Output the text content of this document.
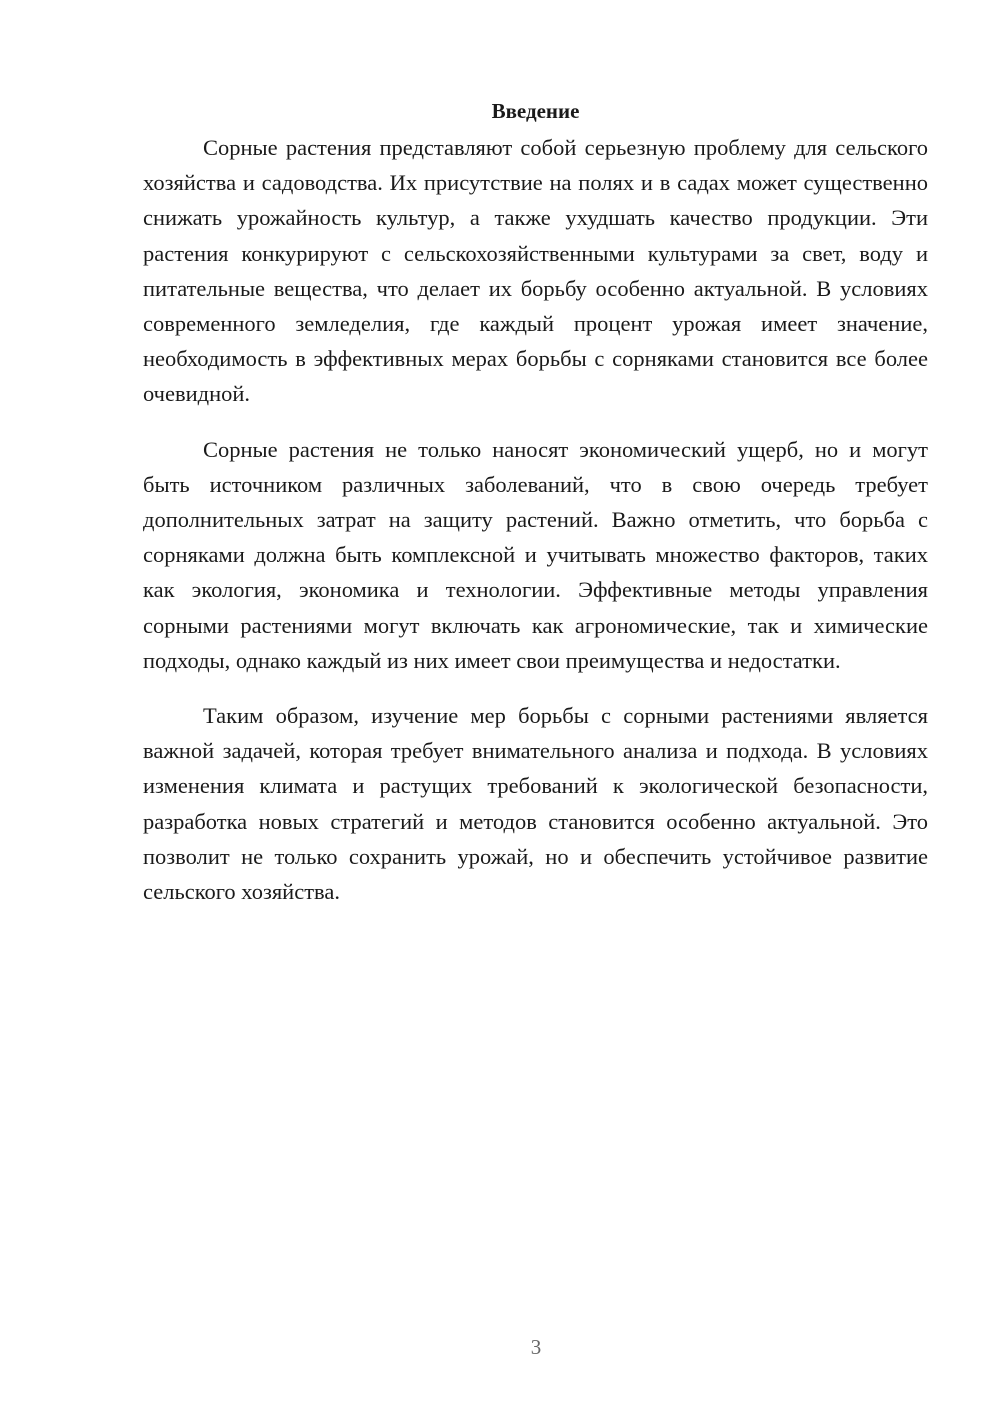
Введение

Сорные растения представляют собой серьезную проблему для сельского хозяйства и садоводства. Их присутствие на полях и в садах может существенно снижать урожайность культур, а также ухудшать качество продукции. Эти растения конкурируют с сельскохозяйственными культурами за свет, воду и питательные вещества, что делает их борьбу особенно актуальной. В условиях современного земледелия, где каждый процент урожая имеет значение, необходимость в эффективных мерах борьбы с сорняками становится все более очевидной.

Сорные растения не только наносят экономический ущерб, но и могут быть источником различных заболеваний, что в свою очередь требует дополнительных затрат на защиту растений. Важно отметить, что борьба с сорняками должна быть комплексной и учитывать множество факторов, таких как экология, экономика и технологии. Эффективные методы управления сорными растениями могут включать как агрономические, так и химические подходы, однако каждый из них имеет свои преимущества и недостатки.

Таким образом, изучение мер борьбы с сорными растениями является важной задачей, которая требует внимательного анализа и подхода. В условиях изменения климата и растущих требований к экологической безопасности, разработка новых стратегий и методов становится особенно актуальной. Это позволит не только сохранить урожай, но и обеспечить устойчивое развитие сельского хозяйства.

3
